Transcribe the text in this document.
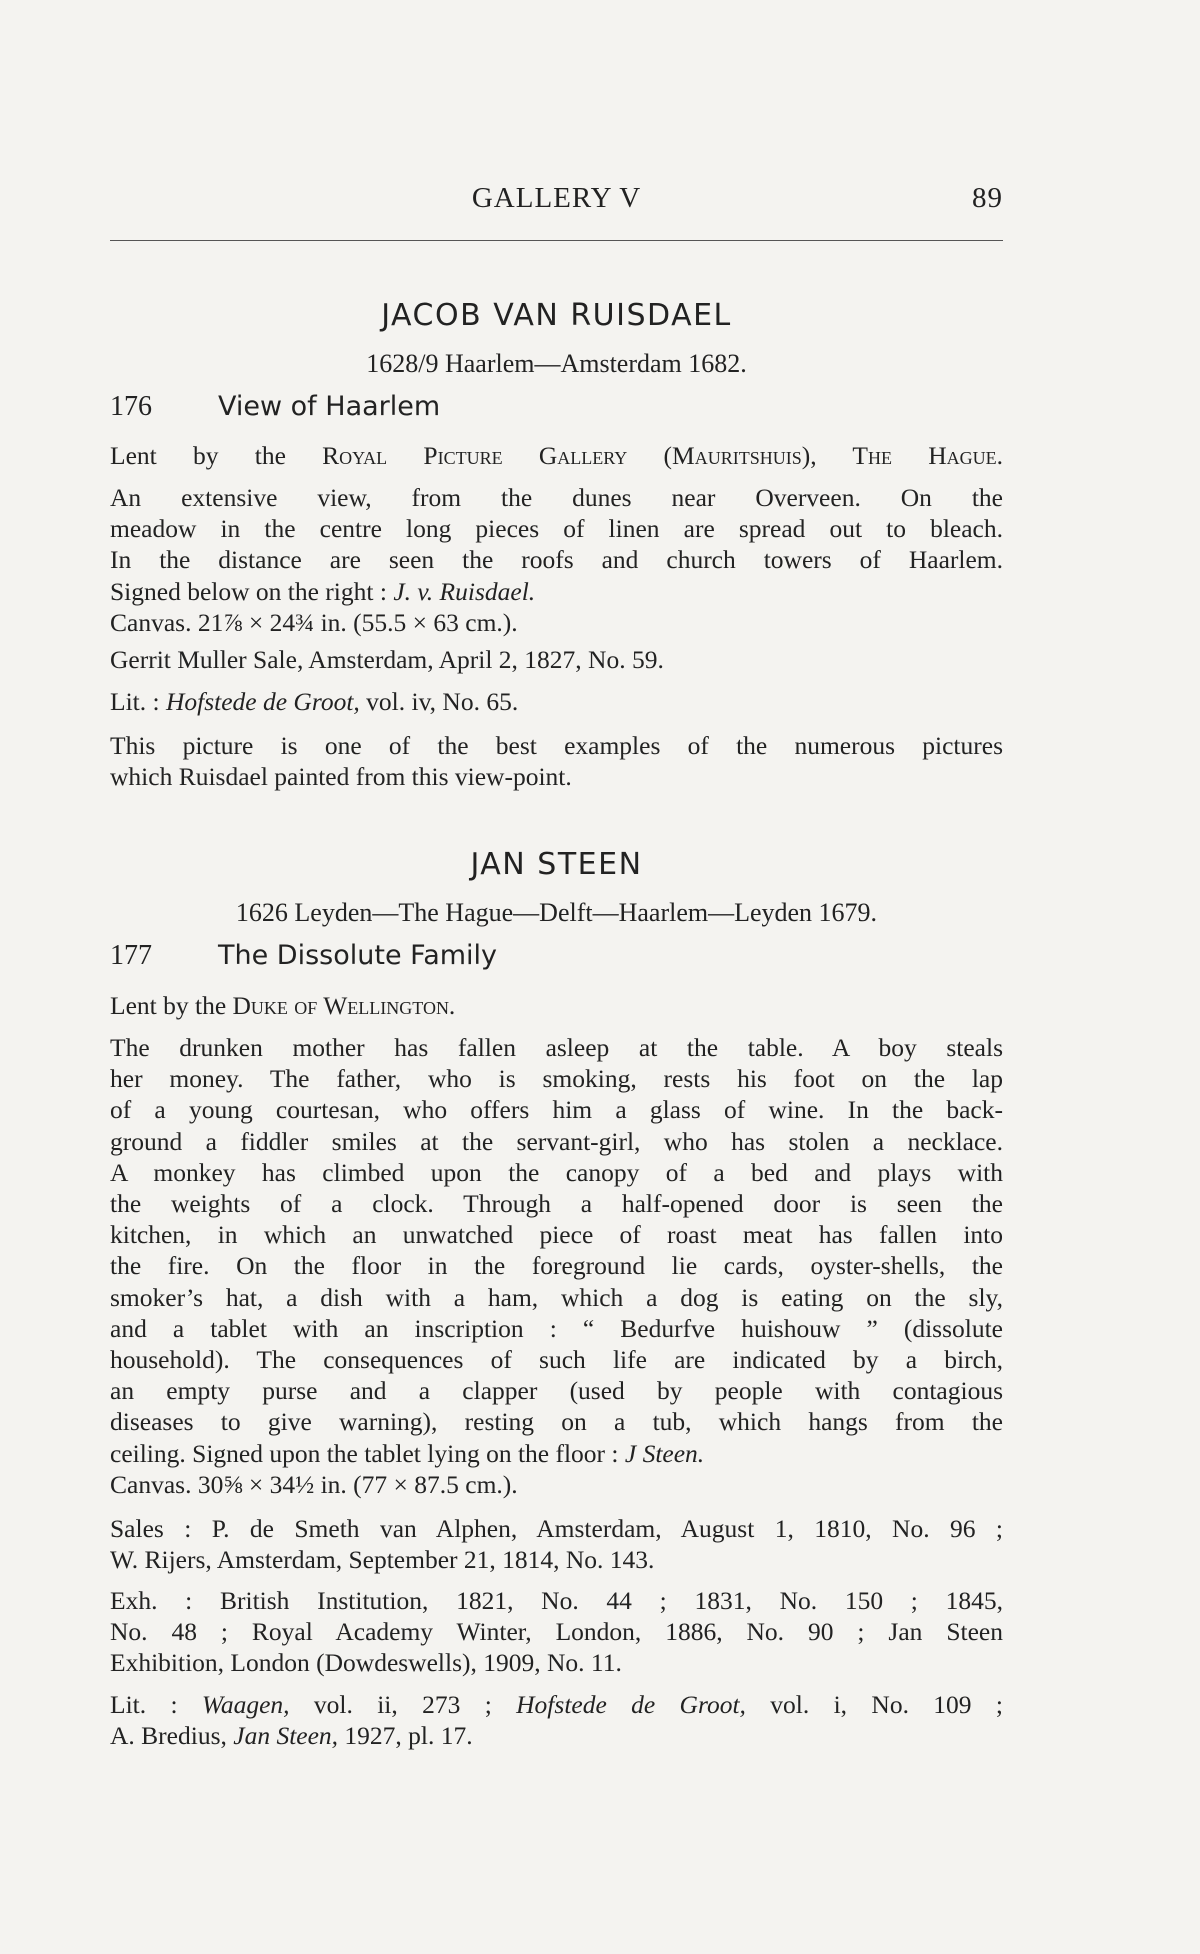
GALLERY V	89
JACOB VAN RUISDAEL
1628/9 Haarlem—Amsterdam 1682.
176 View of Haarlem
Lent by the Royal Picture Gallery (Mauritshuis), The Hague.
An extensive view, from the dunes near Overveen. On the
meadow in the centre long pieces of linen are spread out to bleach.
In the distance are seen the roofs and church towers of Haarlem.
Signed below on the right : J. v. Ruisdael.
Canvas. 21⅞ × 24¾ in. (55.5 × 63 cm.).
Gerrit Muller Sale, Amsterdam, April 2, 1827, No. 59.
Lit. : Hofstede de Groot, vol. iv, No. 65.
This picture is one of the best examples of the numerous pictures
which Ruisdael painted from this view-point.
JAN STEEN
1626 Leyden—The Hague—Delft—Haarlem—Leyden 1679.
177 The Dissolute Family
Lent by the Duke of Wellington.
The drunken mother has fallen asleep at the table. A boy steals
her money. The father, who is smoking, rests his foot on the lap
of a young courtesan, who offers him a glass of wine. In the back-
ground a fiddler smiles at the servant-girl, who has stolen a necklace.
A monkey has climbed upon the canopy of a bed and plays with
the weights of a clock. Through a half-opened door is seen the
kitchen, in which an unwatched piece of roast meat has fallen into
the fire. On the floor in the foreground lie cards, oyster-shells, the
smoker’s hat, a dish with a ham, which a dog is eating on the sly,
and a tablet with an inscription : “ Bedurfve huishouw ” (dissolute
household). The consequences of such life are indicated by a birch,
an empty purse and a clapper (used by people with contagious
diseases to give warning), resting on a tub, which hangs from the
ceiling. Signed upon the tablet lying on the floor : J Steen.
Canvas. 30⅝ × 34½ in. (77 × 87.5 cm.).
Sales : P. de Smeth van Alphen, Amsterdam, August 1, 1810, No. 96 ;
W. Rijers, Amsterdam, September 21, 1814, No. 143.
Exh. : British Institution, 1821, No. 44 ; 1831, No. 150 ; 1845,
No. 48 ; Royal Academy Winter, London, 1886, No. 90 ; Jan Steen
Exhibition, London (Dowdeswells), 1909, No. 11.
Lit. : Waagen, vol. ii, 273 ; Hofstede de Groot, vol. i, No. 109 ;
A. Bredius, Jan Steen, 1927, pl. 17.
